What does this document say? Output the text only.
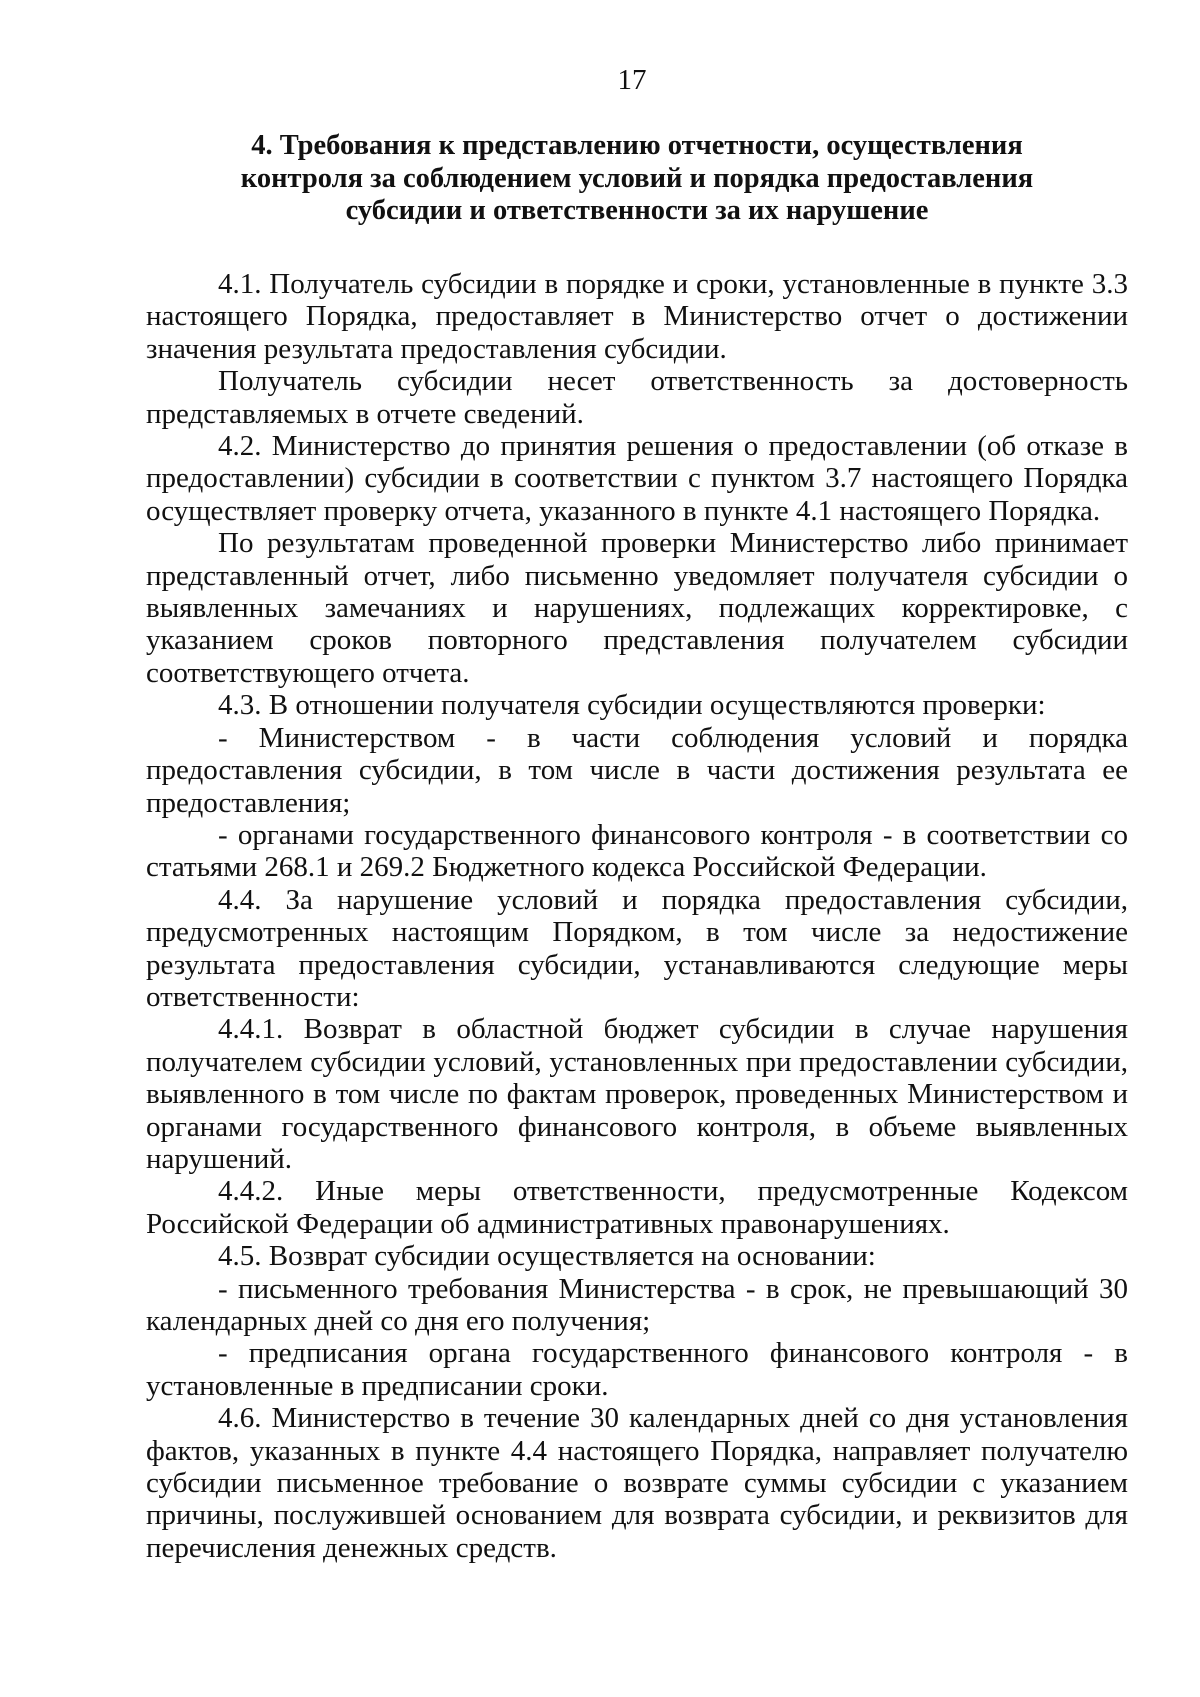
17
4. Требования к представлению отчетности, осуществления
контроля за соблюдением условий и порядка предоставления
субсидии и ответственности за их нарушение

4.1. Получатель субсидии в порядке и сроки, установленные в пункте 3.3 настоящего Порядка, предоставляет в Министерство отчет о достижении значения результата предоставления субсидии.

Получатель субсидии несет ответственность за достоверность представляемых в отчете сведений.

4.2. Министерство до принятия решения о предоставлении (об отказе в предоставлении) субсидии в соответствии с пунктом 3.7 настоящего Порядка осуществляет проверку отчета, указанного в пункте 4.1 настоящего Порядка.

По результатам проведенной проверки Министерство либо принимает представленный отчет, либо письменно уведомляет получателя субсидии о выявленных замечаниях и нарушениях, подлежащих корректировке, с указанием сроков повторного представления получателем субсидии соответствующего отчета.

4.3. В отношении получателя субсидии осуществляются проверки:

- Министерством - в части соблюдения условий и порядка предоставления субсидии, в том числе в части достижения результата ее предоставления;

- органами государственного финансового контроля - в соответствии со статьями 268.1 и 269.2 Бюджетного кодекса Российской Федерации.

4.4. За нарушение условий и порядка предоставления субсидии, предусмотренных настоящим Порядком, в том числе за недостижение результата предоставления субсидии, устанавливаются следующие меры ответственности:

4.4.1. Возврат в областной бюджет субсидии в случае нарушения получателем субсидии условий, установленных при предоставлении субсидии, выявленного в том числе по фактам проверок, проведенных Министерством и органами государственного финансового контроля, в объеме выявленных нарушений.

4.4.2. Иные меры ответственности, предусмотренные Кодексом Российской Федерации об административных правонарушениях.

4.5. Возврат субсидии осуществляется на основании:

- письменного требования Министерства - в срок, не превышающий 30 календарных дней со дня его получения;

- предписания органа государственного финансового контроля - в установленные в предписании сроки.

4.6. Министерство в течение 30 календарных дней со дня установления фактов, указанных в пункте 4.4 настоящего Порядка, направляет получателю субсидии письменное требование о возврате суммы субсидии с указанием причины, послужившей основанием для возврата субсидии, и реквизитов для перечисления денежных средств.
